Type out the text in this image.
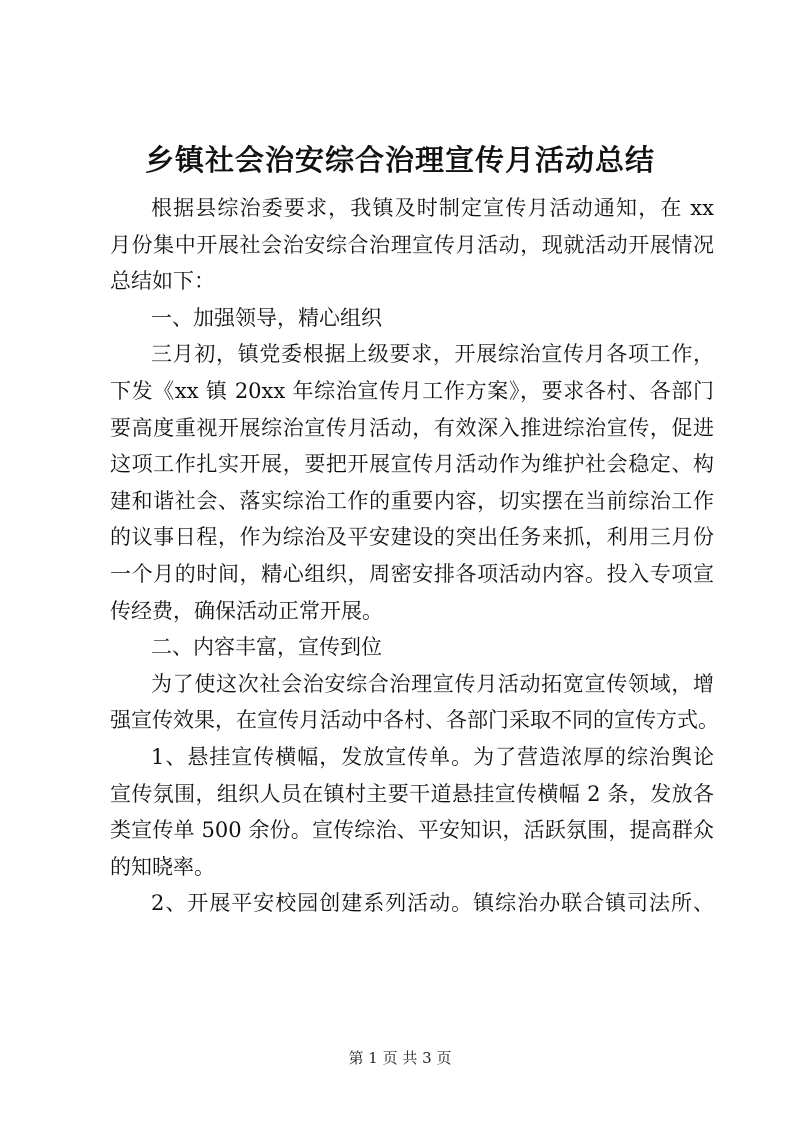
乡镇社会治安综合治理宣传月活动总结
根据县综治委要求，我镇及时制定宣传月活动通知，在 xx
月份集中开展社会治安综合治理宣传月活动，现就活动开展情况
总结如下：
一、加强领导，精心组织
三月初，镇党委根据上级要求，开展综治宣传月各项工作，
下发《xx 镇 20xx 年综治宣传月工作方案》，要求各村、各部门
要高度重视开展综治宣传月活动，有效深入推进综治宣传，促进
这项工作扎实开展，要把开展宣传月活动作为维护社会稳定、构
建和谐社会、落实综治工作的重要内容，切实摆在当前综治工作
的议事日程，作为综治及平安建设的突出任务来抓，利用三月份
一个月的时间，精心组织，周密安排各项活动内容。投入专项宣
传经费，确保活动正常开展。
二、内容丰富，宣传到位
为了使这次社会治安综合治理宣传月活动拓宽宣传领域，增
强宣传效果，在宣传月活动中各村、各部门采取不同的宣传方式。
1、悬挂宣传横幅，发放宣传单。为了营造浓厚的综治舆论
宣传氛围，组织人员在镇村主要干道悬挂宣传横幅 2 条，发放各
类宣传单 500 余份。宣传综治、平安知识，活跃氛围，提高群众
的知晓率。
2、开展平安校园创建系列活动。镇综治办联合镇司法所、
第 1 页 共 3 页
